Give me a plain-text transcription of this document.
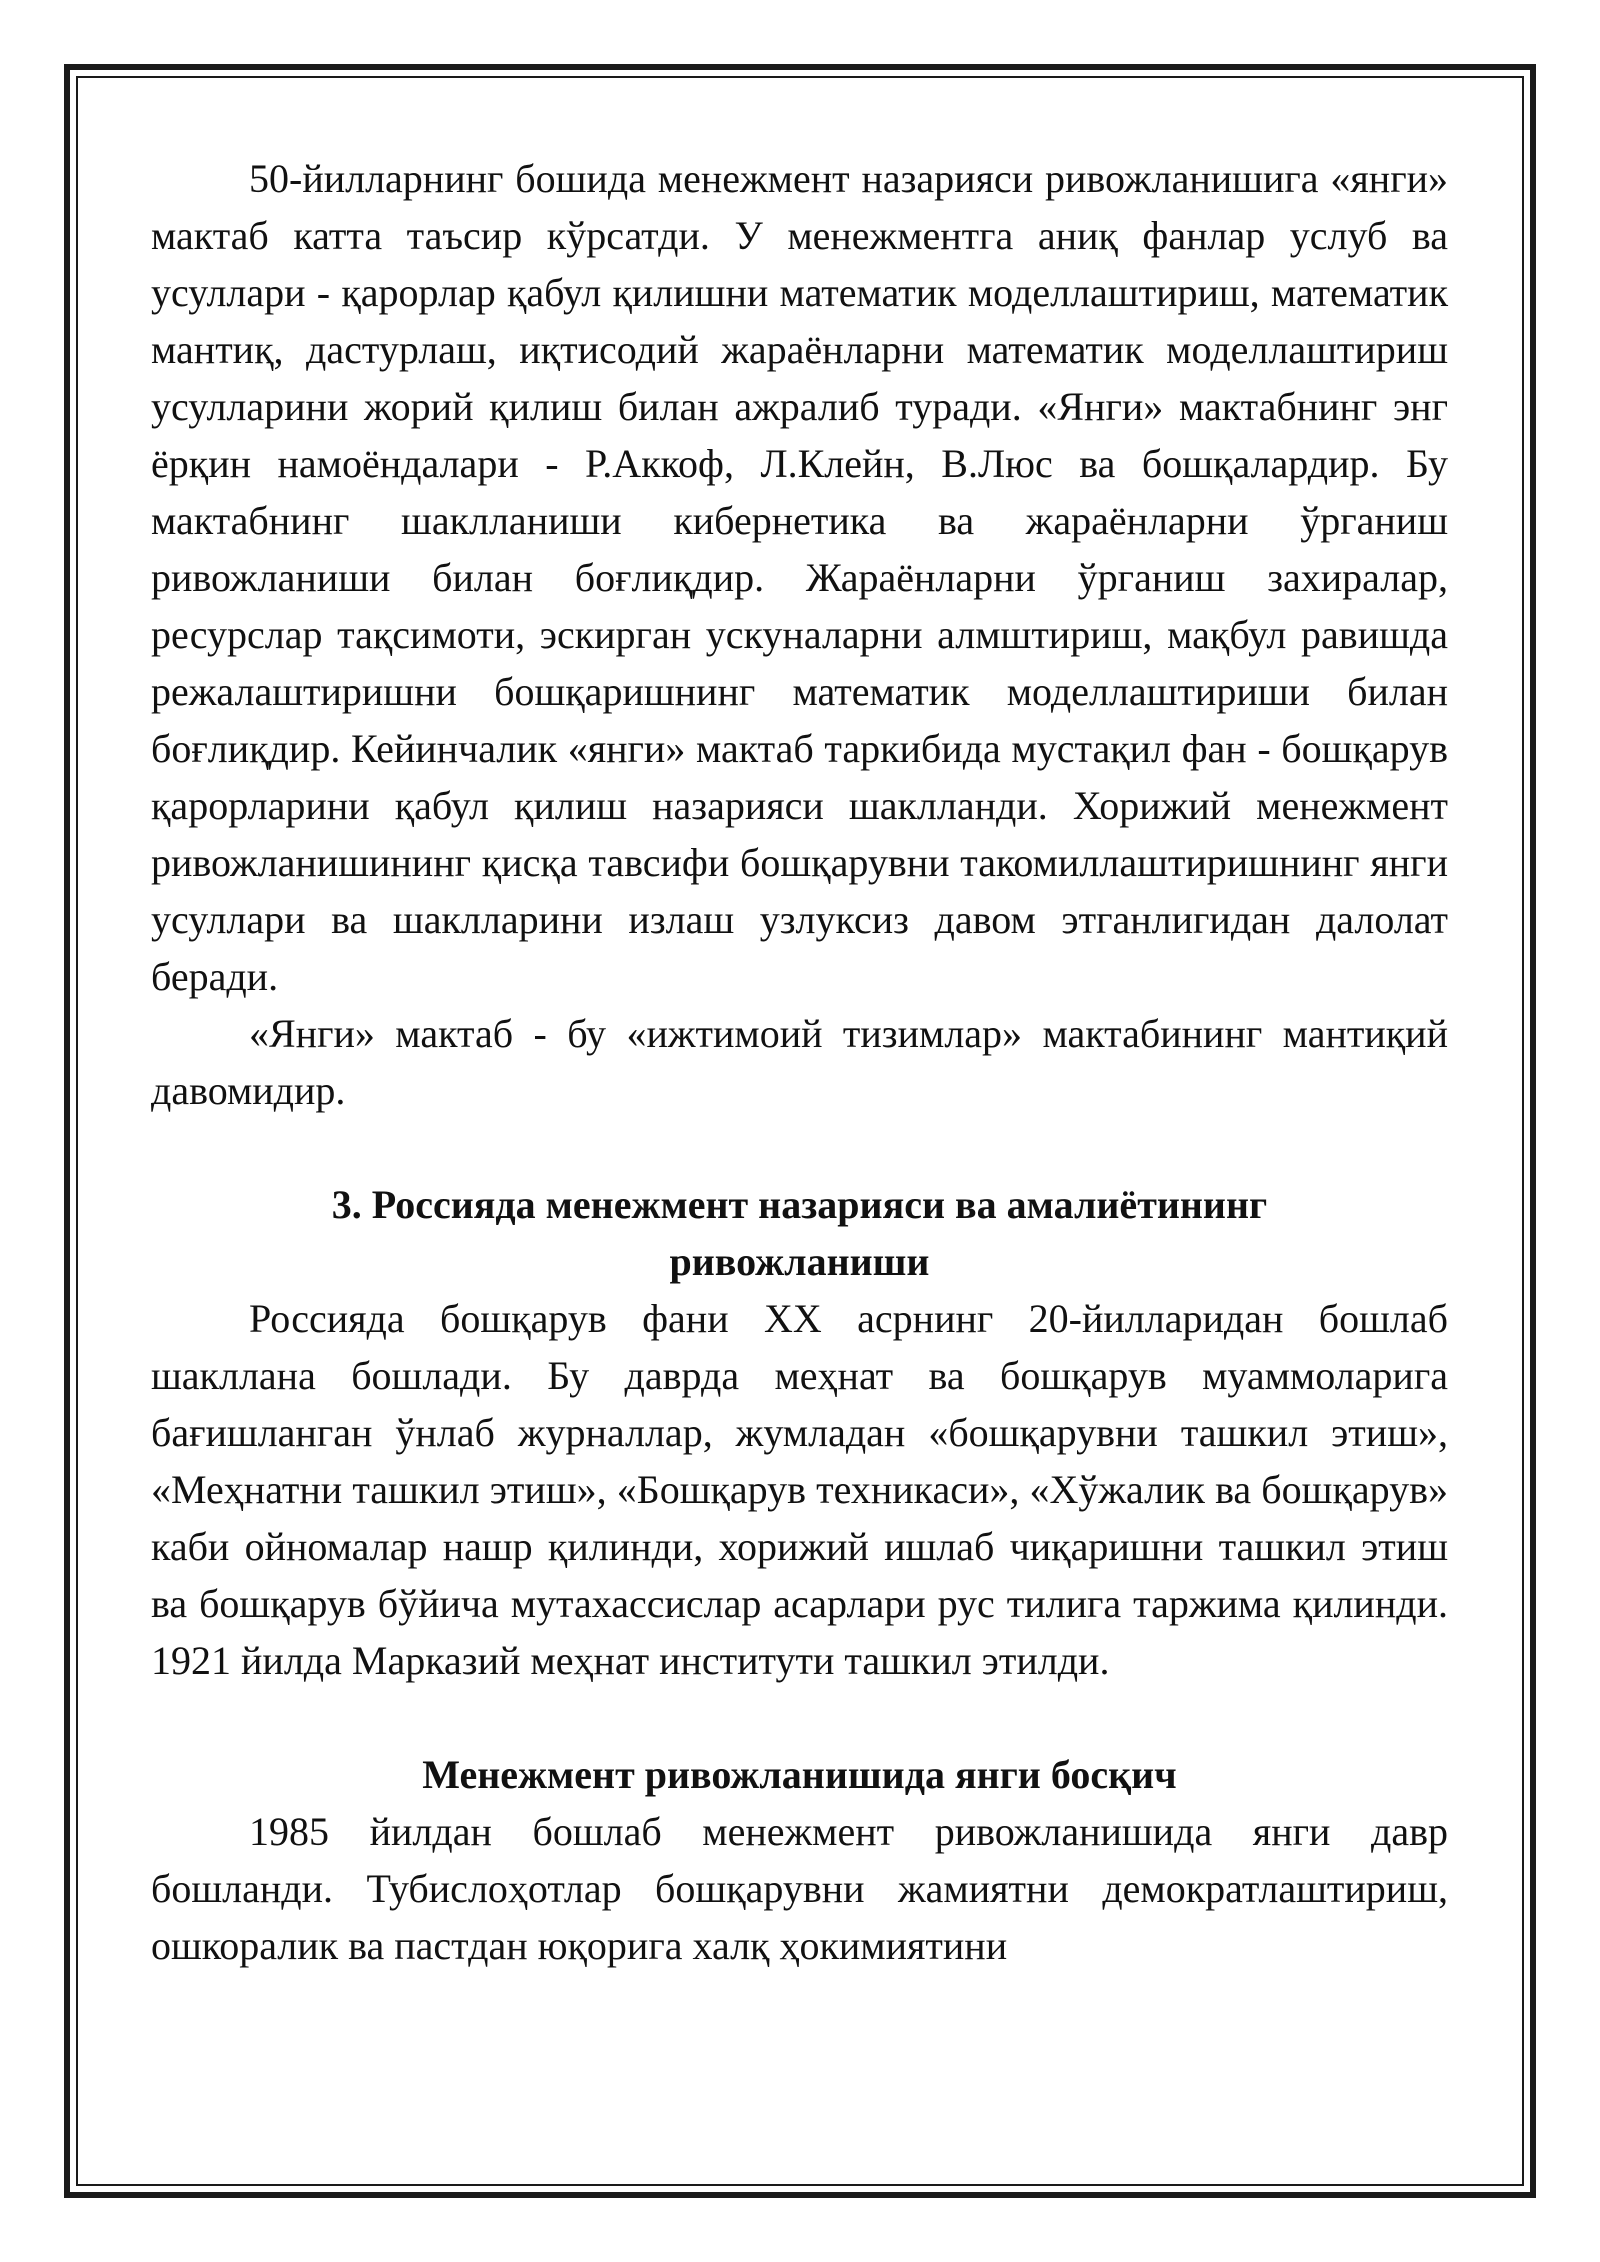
50-йилларнинг бошида менежмент назарияси ривожланишига «янги» мактаб катта таъсир кўрсатди. У менежментга аниқ фанлар услуб ва усуллари - қарорлар қабул қилишни математик моделлаштириш, математик мантиқ, дастурлаш, иқтисодий жараёнларни математик моделлаштириш усулларини жорий қилиш билан ажралиб туради. «Янги» мактабнинг энг ёрқин намоёндалари - Р.Аккоф, Л.Клейн, В.Люс ва бошқалардир. Бу мактабнинг шаклланиши кибернетика ва жараёнларни ўрганиш ривожланиши билан боғлиқдир. Жараёнларни ўрганиш захиралар, ресурслар тақсимоти, эскирган ускуналарни алмштириш, мақбул равишда режалаштиришни бошқаришнинг математик моделлаштириши билан боғлиқдир. Кейинчалик «янги» мактаб таркибида мустақил фан - бошқарув қарорларини қабул қилиш назарияси шаклланди. Хорижий менежмент ривожланишининг қисқа тавсифи бошқарувни такомиллаштиришнинг янги усуллари ва шаклларини излаш узлуксиз давом этганлигидан далолат беради.

«Янги» мактаб - бу «ижтимоий тизимлар» мактабининг мантиқий давомидир.

3. Россияда менежмент назарияси ва амалиётининг ривожланиши

Россияда бошқарув фани XX асрнинг 20-йилларидан бошлаб шакллана бошлади. Бу даврда меҳнат ва бошқарув муаммоларига бағишланган ўнлаб журналлар, жумладан «бошқарувни ташкил этиш», «Меҳнатни ташкил этиш», «Бошқарув техникаси», «Хўжалик ва бошқарув» каби ойномалар нашр қилинди, хорижий ишлаб чиқаришни ташкил этиш ва бошқарув бўйича мутахассислар асарлари рус тилига таржима қилинди. 1921 йилда Марказий меҳнат институти ташкил этилди.

Менежмент ривожланишида янги босқич

1985 йилдан бошлаб менежмент ривожланишида янги давр бошланди. Тубислоҳотлар бошқарувни жамиятни демократлаштириш, ошкоралик ва пастдан юқорига халқ ҳокимиятини
